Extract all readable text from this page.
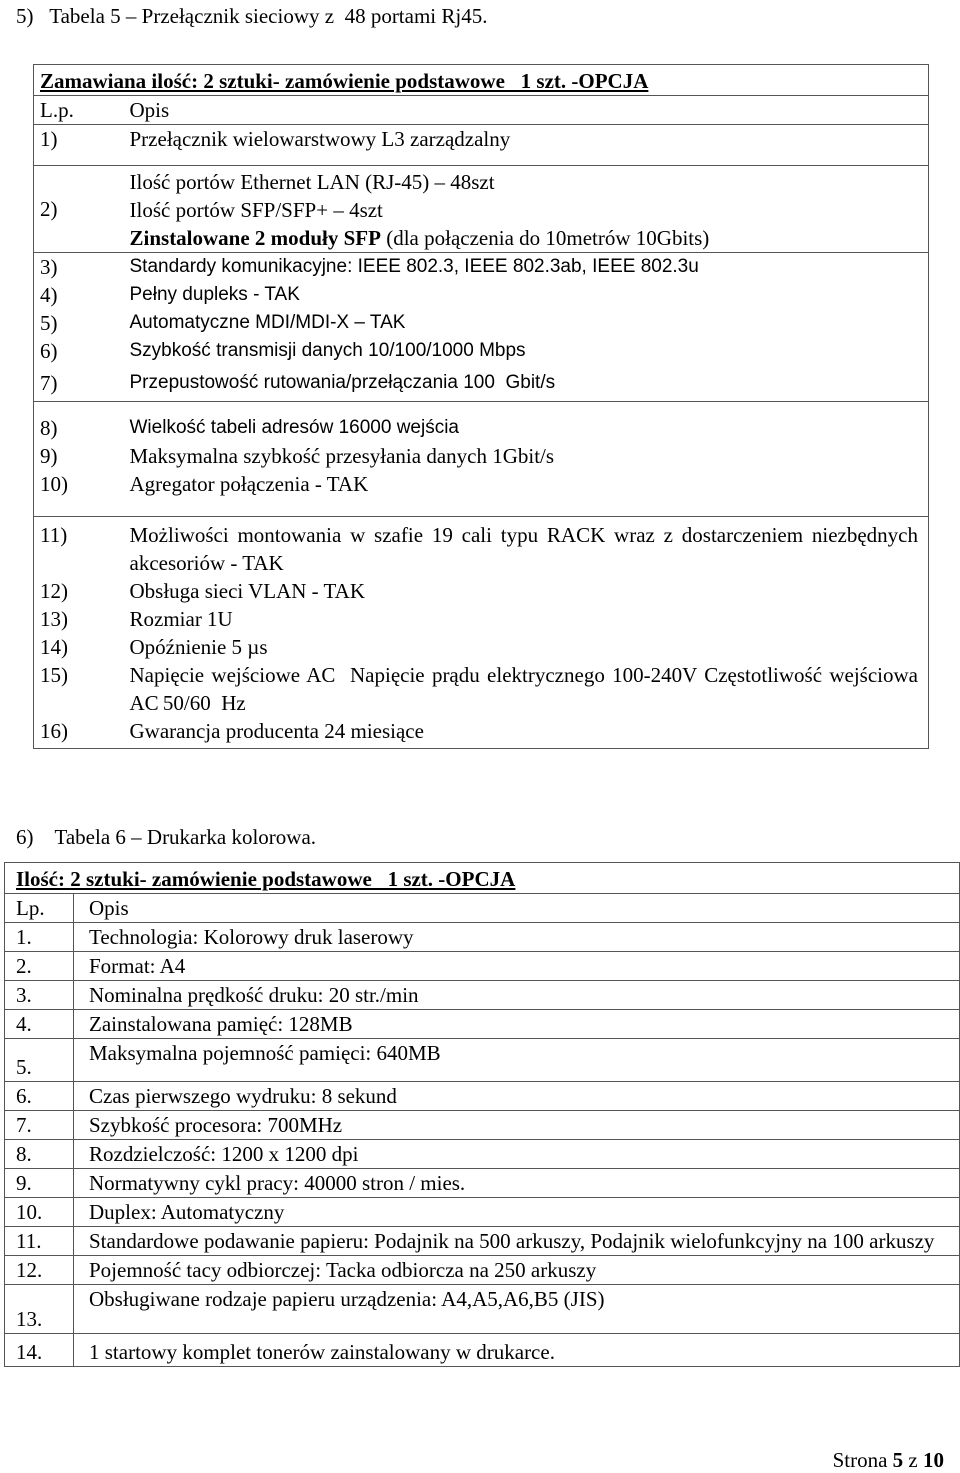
5)   Tabela 5 – Przełącznik sieciowy z  48 portami Rj45.
Zamawiana ilość: 2 sztuki- zamówienie podstawowe   1 szt. -OPCJA	
L.p.	Opis
1)	Przełącznik wielowarstwowy L3 zarządzalny
2)	Ilość portów Ethernet LAN (RJ-45) – 48szt
Ilość portów SFP/SFP+ – 4szt
Zinstalowane 2 moduły SFP (dla połączenia do 10metrów 10Gbits)

3)	Standardy komunikacyjne: IEEE 802.3, IEEE 802.3ab, IEEE 802.3u
4)	Pełny dupleks - TAK
5)	Automatyczne MDI/MDI-X – TAK
6)	Szybkość transmisji danych 10/100/1000 Mbps
7)	Przepustowość rutowania/przełączania 100  Gbit/s
8)	Wielkość tabeli adresów 16000 wejścia
9)	Maksymalna szybkość przesyłania danych 1Gbit/s
10)	Agregator połączenia - TAK
11)	Możliwości montowania w szafie 19 cali typu RACK wraz z dostarczeniem niezbędnych akcesoriów - TAK
12)	Obsługa sieci VLAN - TAK
13)	Rozmiar 1U
14)	Opóźnienie 5 µs
15)	Napięcie wejściowe AC  Napięcie prądu elektrycznego 100-240V Częstotliwość wejściowa AC 50/60  Hz
16)	Gwarancja producenta 24 miesiące
6)    Tabela 6 – Drukarka kolorowa.
Ilość: 2 sztuki- zamówienie podstawowe   1 szt. -OPCJA	
Lp.	Opis
1.	Technologia: Kolorowy druk laserowy
2.	Format: A4
3.	Nominalna prędkość druku: 20 str./min
4.	Zainstalowana pamięć: 128MB
5.	Maksymalna pojemność pamięci: 640MB
6.	Czas pierwszego wydruku: 8 sekund
7.	Szybkość procesora: 700MHz
8.	Rozdzielczość: 1200 x 1200 dpi
9.	Normatywny cykl pracy: 40000 stron / mies.
10.	Duplex: Automatyczny
11.	Standardowe podawanie papieru: Podajnik na 500 arkuszy, Podajnik wielofunkcyjny na 100 arkuszy
12.	Pojemność tacy odbiorczej: Tacka odbiorcza na 250 arkuszy
13.	Obsługiwane rodzaje papieru urządzenia: A4,A5,A6,B5 (JIS)
14.	1 startowy komplet tonerów zainstalowany w drukarce.
Strona 5 z 10
